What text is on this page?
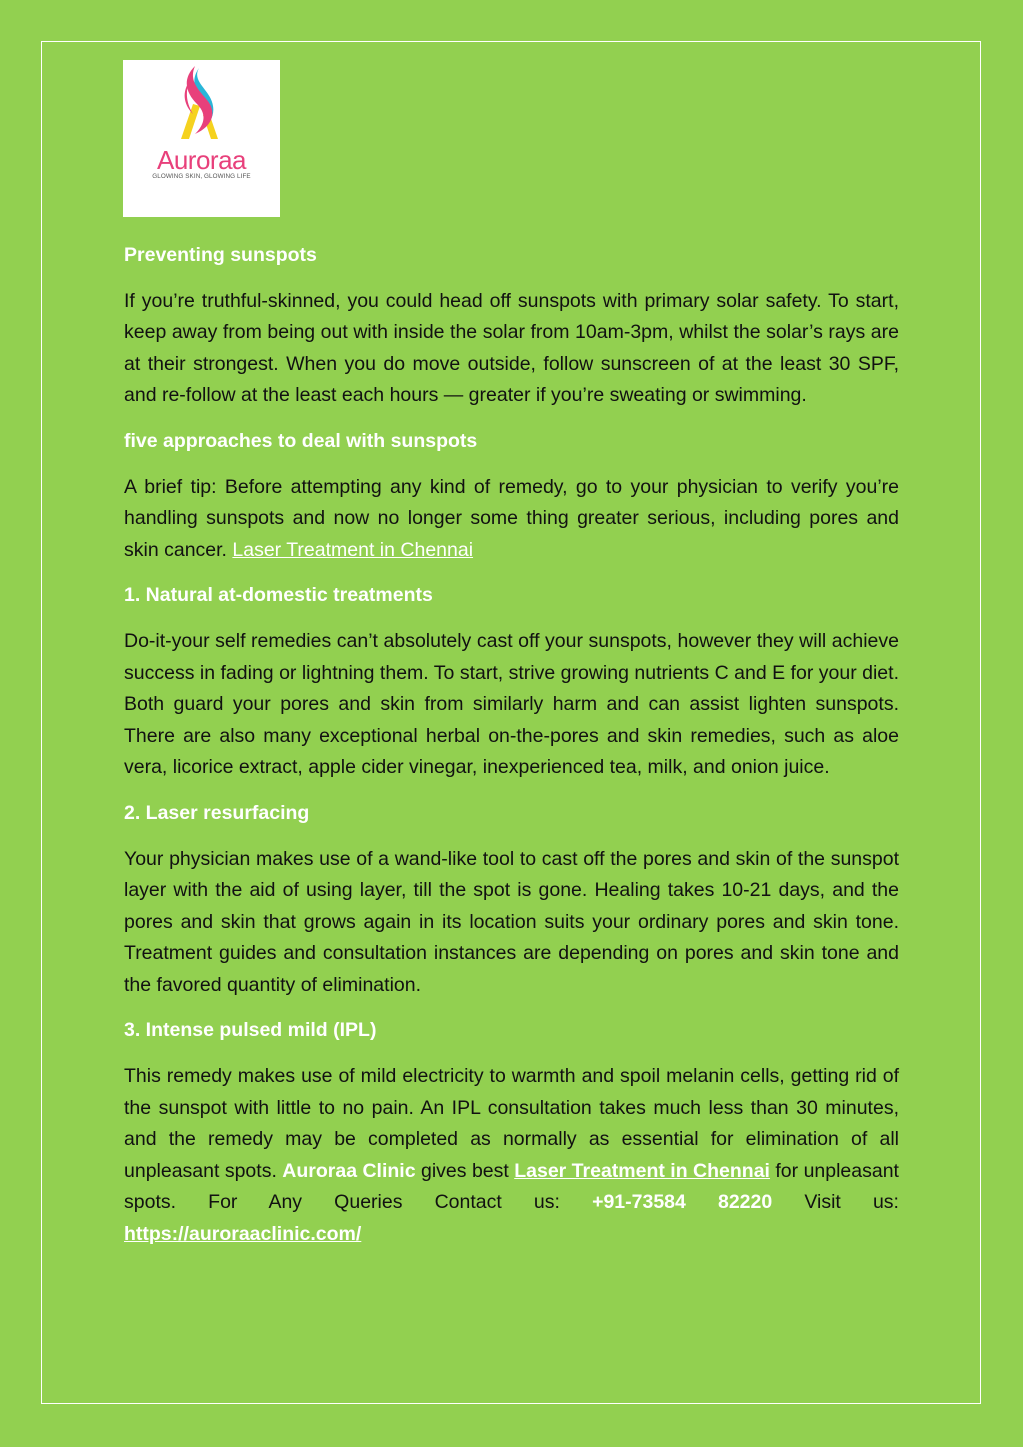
Auroraa
GLOWING SKIN, GLOWING LIFE
Preventing sunspots

If you’re truthful-skinned, you could head off sunspots with primary solar safety. To start, keep away from being out with inside the solar from 10am-3pm, whilst the solar’s rays are at their strongest. When you do move outside, follow sunscreen of at the least 30 SPF, and re-follow at the least each hours — greater if you’re sweating or swimming.

five approaches to deal with sunspots

A brief tip: Before attempting any kind of remedy, go to your physician to verify you’re handling sunspots and now no longer some thing greater serious, including pores and skin cancer. Laser Treatment in Chennai

1. Natural at-domestic treatments

Do-it-your self remedies can’t absolutely cast off your sunspots, however they will achieve success in fading or lightning them. To start, strive growing nutrients C and E for your diet. Both guard your pores and skin from similarly harm and can assist lighten sunspots. There are also many exceptional herbal on-the-pores and skin remedies, such as aloe vera, licorice extract, apple cider vinegar, inexperienced tea, milk, and onion juice.

2. Laser resurfacing

Your physician makes use of a wand-like tool to cast off the pores and skin of the sunspot layer with the aid of using layer, till the spot is gone. Healing takes 10-21 days, and the pores and skin that grows again in its location suits your ordinary pores and skin tone. Treatment guides and consultation instances are depending on pores and skin tone and the favored quantity of elimination.

3. Intense pulsed mild (IPL)

This remedy makes use of mild electricity to warmth and spoil melanin cells, getting rid of the sunspot with little to no pain. An IPL consultation takes much less than 30 minutes, and the remedy may be completed as normally as essential for elimination of all unpleasant spots. Auroraa Clinic gives best Laser Treatment in Chennai for unpleasant spots. For Any Queries Contact us: +91-73584 82220 Visit us: https://auroraaclinic.com/
